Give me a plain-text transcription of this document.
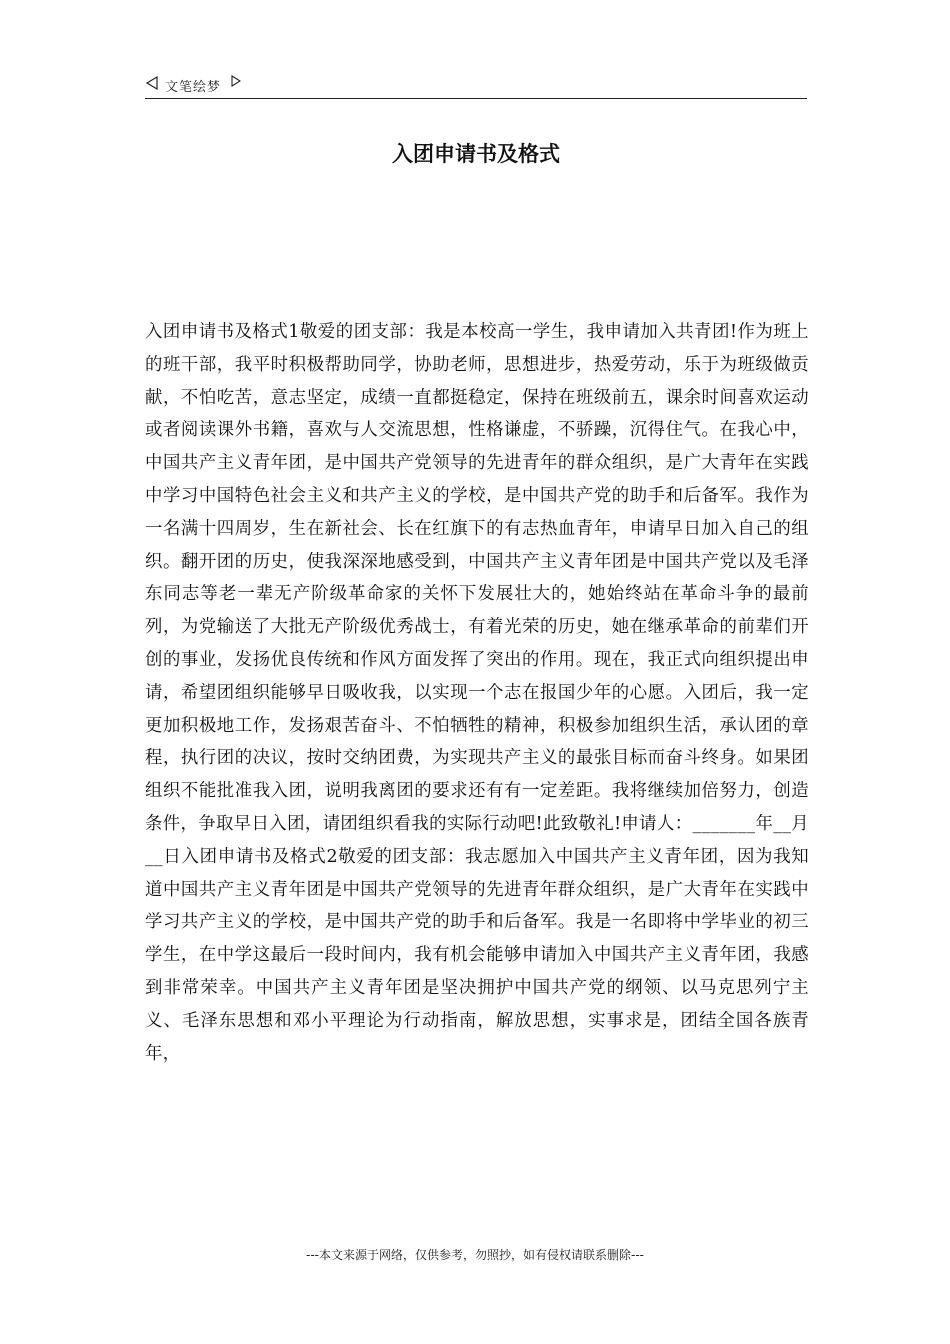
文笔绘梦
入团申请书及格式

入团申请书及格式1敬爱的团支部：我是本校高一学生，我申请加入共青团!作为班上的班干部，我平时积极帮助同学，协助老师，思想进步，热爱劳动，乐于为班级做贡献，不怕吃苦，意志坚定，成绩一直都挺稳定，保持在班级前五，课余时间喜欢运动或者阅读课外书籍，喜欢与人交流思想，性格谦虚，不骄躁，沉得住气。在我心中，中国共产主义青年团，是中国共产党领导的先进青年的群众组织，是广大青年在实践中学习中国特色社会主义和共产主义的学校，是中国共产党的助手和后备军。我作为一名满十四周岁，生在新社会、长在红旗下的有志热血青年，申请早日加入自己的组织。翻开团的历史，使我深深地感受到，中国共产主义青年团是中国共产党以及毛泽东同志等老一辈无产阶级革命家的关怀下发展壮大的，她始终站在革命斗争的最前列，为党输送了大批无产阶级优秀战士，有着光荣的历史，她在继承革命的前辈们开创的事业，发扬优良传统和作风方面发挥了突出的作用。现在，我正式向组织提出申请，希望团组织能够早日吸收我，以实现一个志在报国少年的心愿。入团后，我一定更加积极地工作，发扬艰苦奋斗、不怕牺牲的精神，积极参加组织生活，承认团的章程，执行团的决议，按时交纳团费，为实现共产主义的最张目标而奋斗终身。如果团组织不能批准我入团，说明我离团的要求还有有一定差距。我将继续加倍努力，创造条件，争取早日入团，请团组织看我的实际行动吧!此致敬礼!申请人：_______年__月__日入团申请书及格式2敬爱的团支部：我志愿加入中国共产主义青年团，因为我知道中国共产主义青年团是中国共产党领导的先进青年群众组织，是广大青年在实践中学习共产主义的学校，是中国共产党的助手和后备军。我是一名即将中学毕业的初三学生，在中学这最后一段时间内，我有机会能够申请加入中国共产主义青年团，我感到非常荣幸。中国共产主义青年团是坚决拥护中国共产党的纲领、以马克思列宁主义、毛泽东思想和邓小平理论为行动指南，解放思想，实事求是，团结全国各族青年，

---本文来源于网络，仅供参考，勿照抄，如有侵权请联系删除---
